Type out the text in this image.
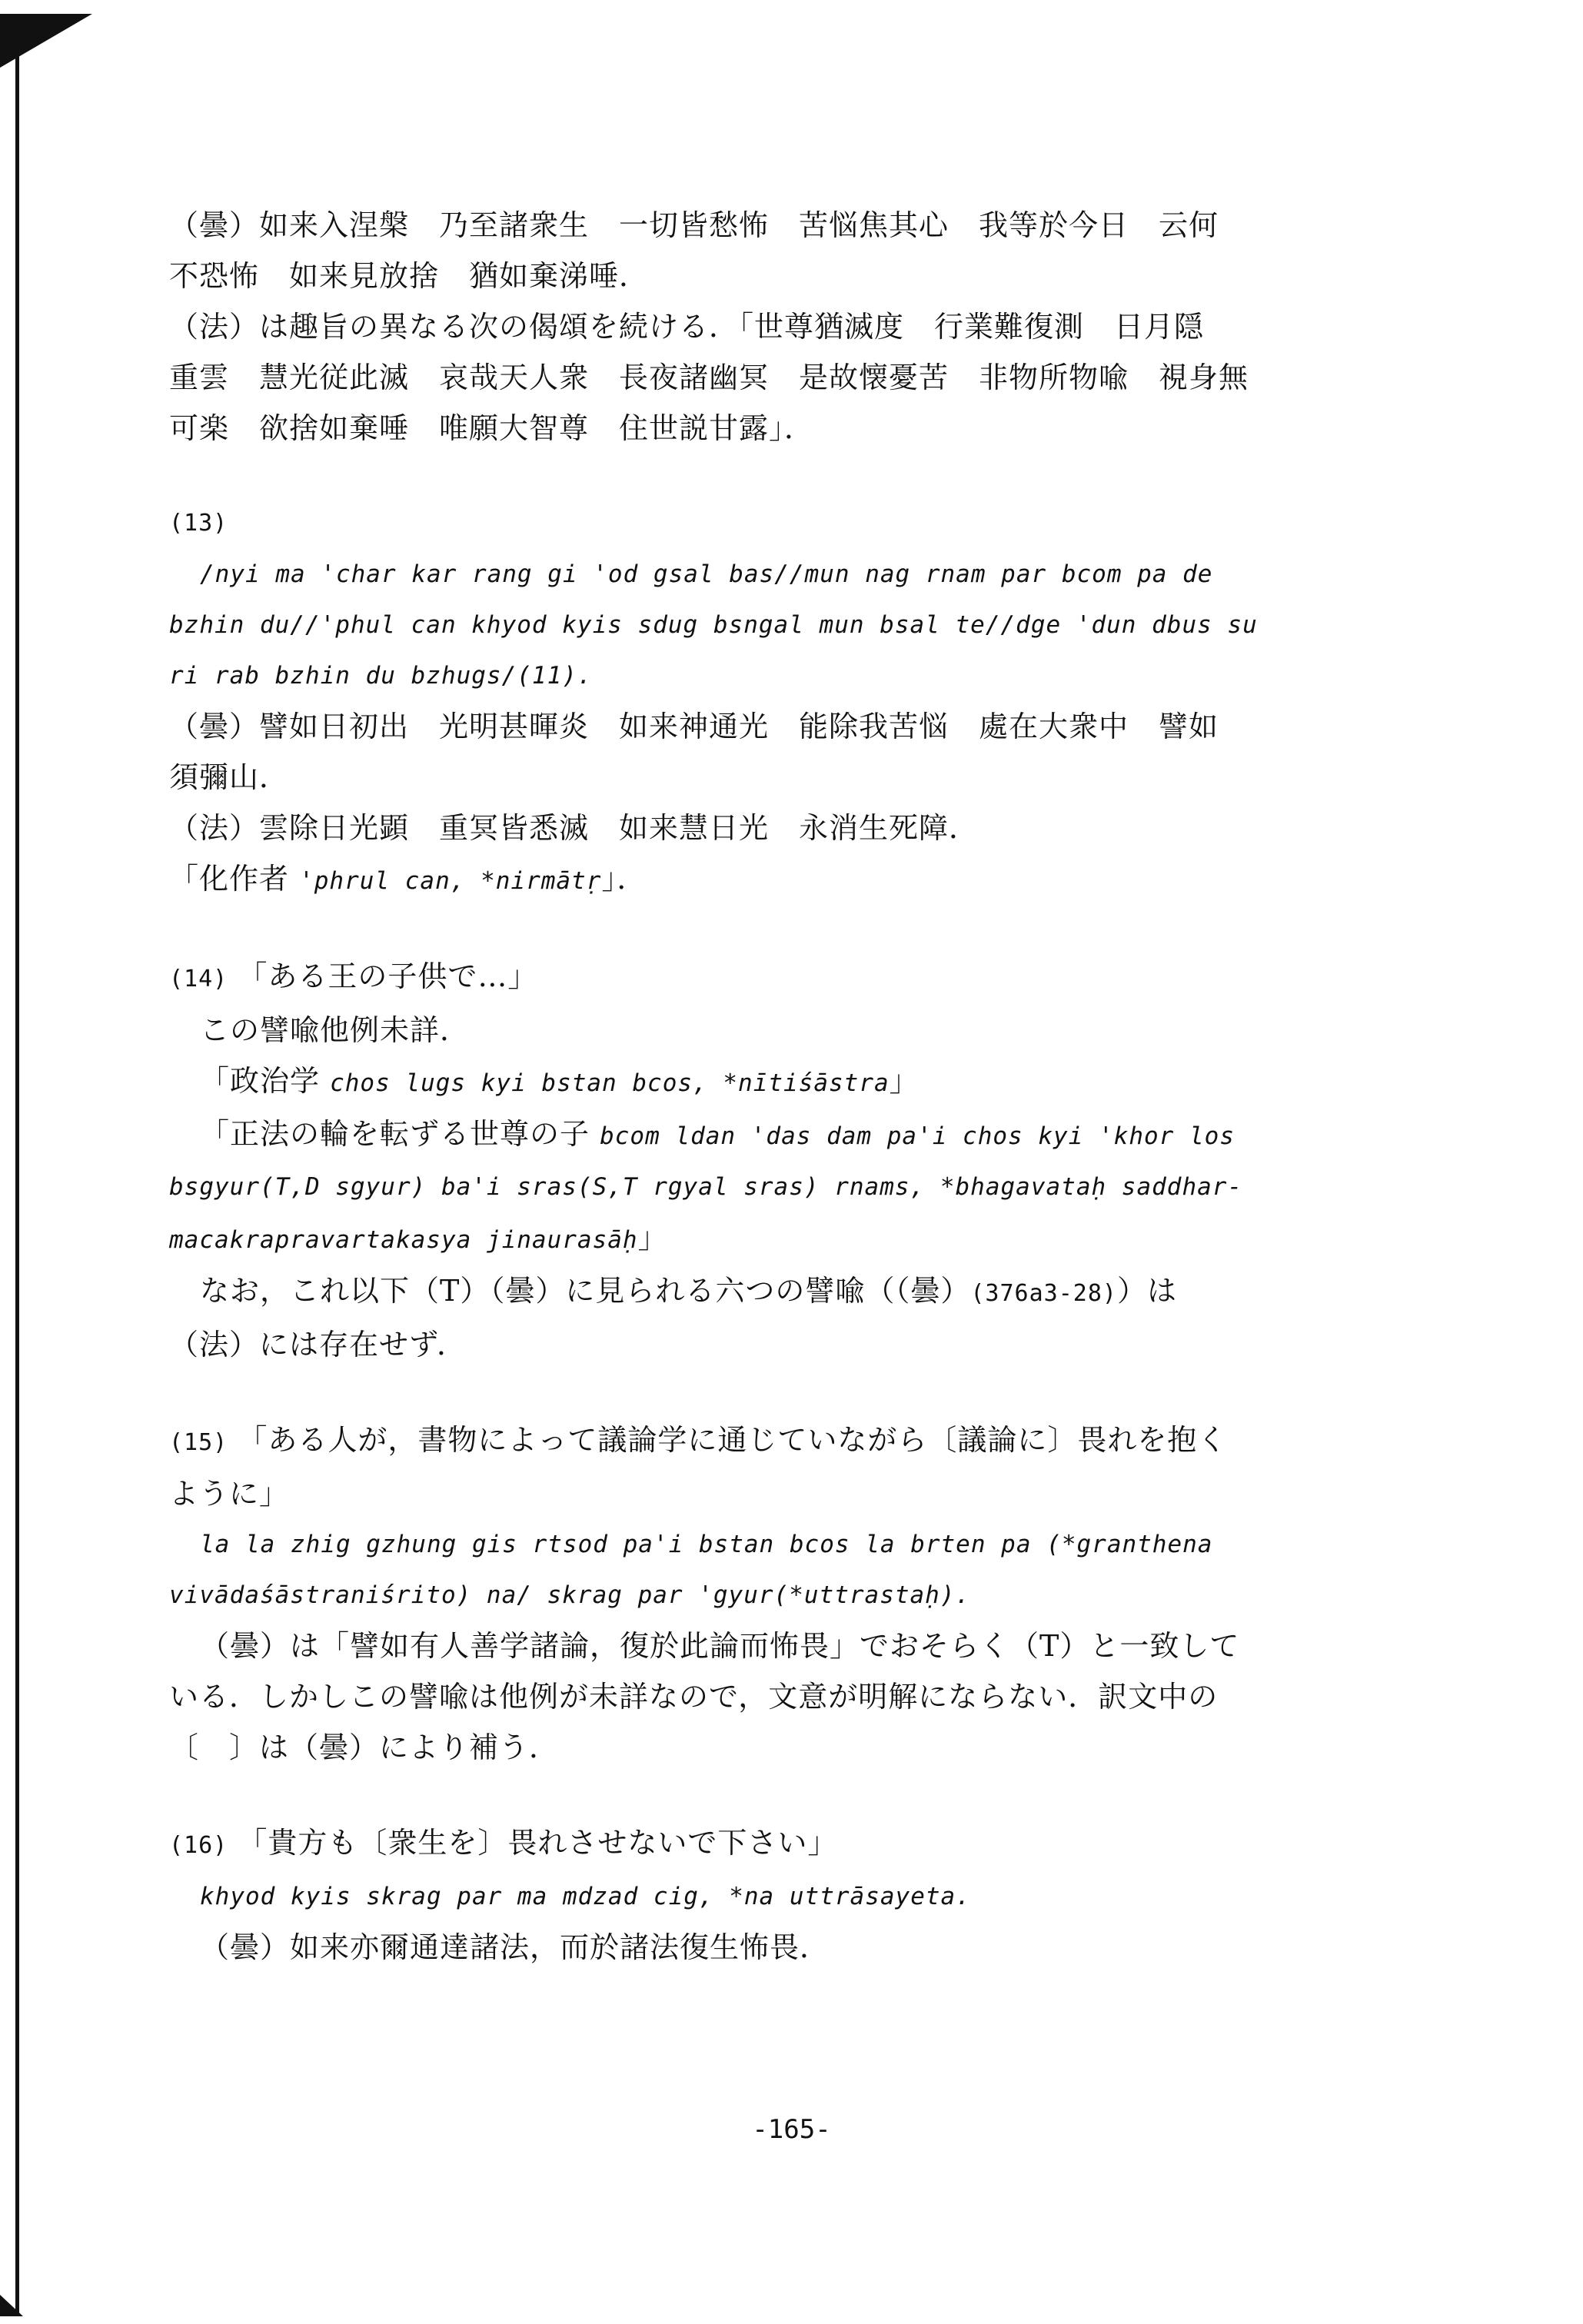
（曇）如来入涅槃　乃至諸衆生　一切皆愁怖　苦悩焦其心　我等於今日　云何
不恐怖　如来見放捨　猶如棄涕唾．
（法）は趣旨の異なる次の偈頌を続ける．「世尊猶滅度　行業難復測　日月隠
重雲　慧光従此滅　哀哉天人衆　長夜諸幽冥　是故懐憂苦　非物所物喩　視身無
可楽　欲捨如棄唾　唯願大智尊　住世説甘露」．
(13)
/nyi ma 'char kar rang gi 'od gsal bas//mun nag rnam par bcom pa de
bzhin du//'phul can khyod kyis sdug bsngal mun bsal te//dge 'dun dbus su
ri rab bzhin du bzhugs/(11).
（曇）譬如日初出　光明甚暉炎　如来神通光　能除我苦悩　處在大衆中　譬如
須彌山．
（法）雲除日光顕　重冥皆悉滅　如来慧日光　永消生死障．
「化作者 'phrul can, *nirmātṛ」．
(14) 「ある王の子供で…」
この譬喩他例未詳．
「政治学 chos lugs kyi bstan bcos, *nītiśāstra」
「正法の輪を転ずる世尊の子 bcom ldan 'das dam pa'i chos kyi 'khor los
bsgyur(T,D sgyur) ba'i sras(S,T rgyal sras) rnams, *bhagavataḥ saddhar-
macakrapravartakasya jinaurasāḥ」
なお，これ以下（T）（曇）に見られる六つの譬喩（（曇）(376a3-28)）は
（法）には存在せず．
(15) 「ある人が，書物によって議論学に通じていながら〔議論に〕畏れを抱く
ように」
la la zhig gzhung gis rtsod pa'i bstan bcos la brten pa (*granthena
vivādaśāstraniśrito) na/ skrag par 'gyur(*uttrastaḥ).
（曇）は「譬如有人善学諸論，復於此論而怖畏」でおそらく（T）と一致して
いる．しかしこの譬喩は他例が未詳なので，文意が明解にならない．訳文中の
〔　〕は（曇）により補う．
(16) 「貴方も〔衆生を〕畏れさせないで下さい」
khyod kyis skrag par ma mdzad cig, *na uttrāsayeta.
（曇）如来亦爾通達諸法，而於諸法復生怖畏．
-165-
